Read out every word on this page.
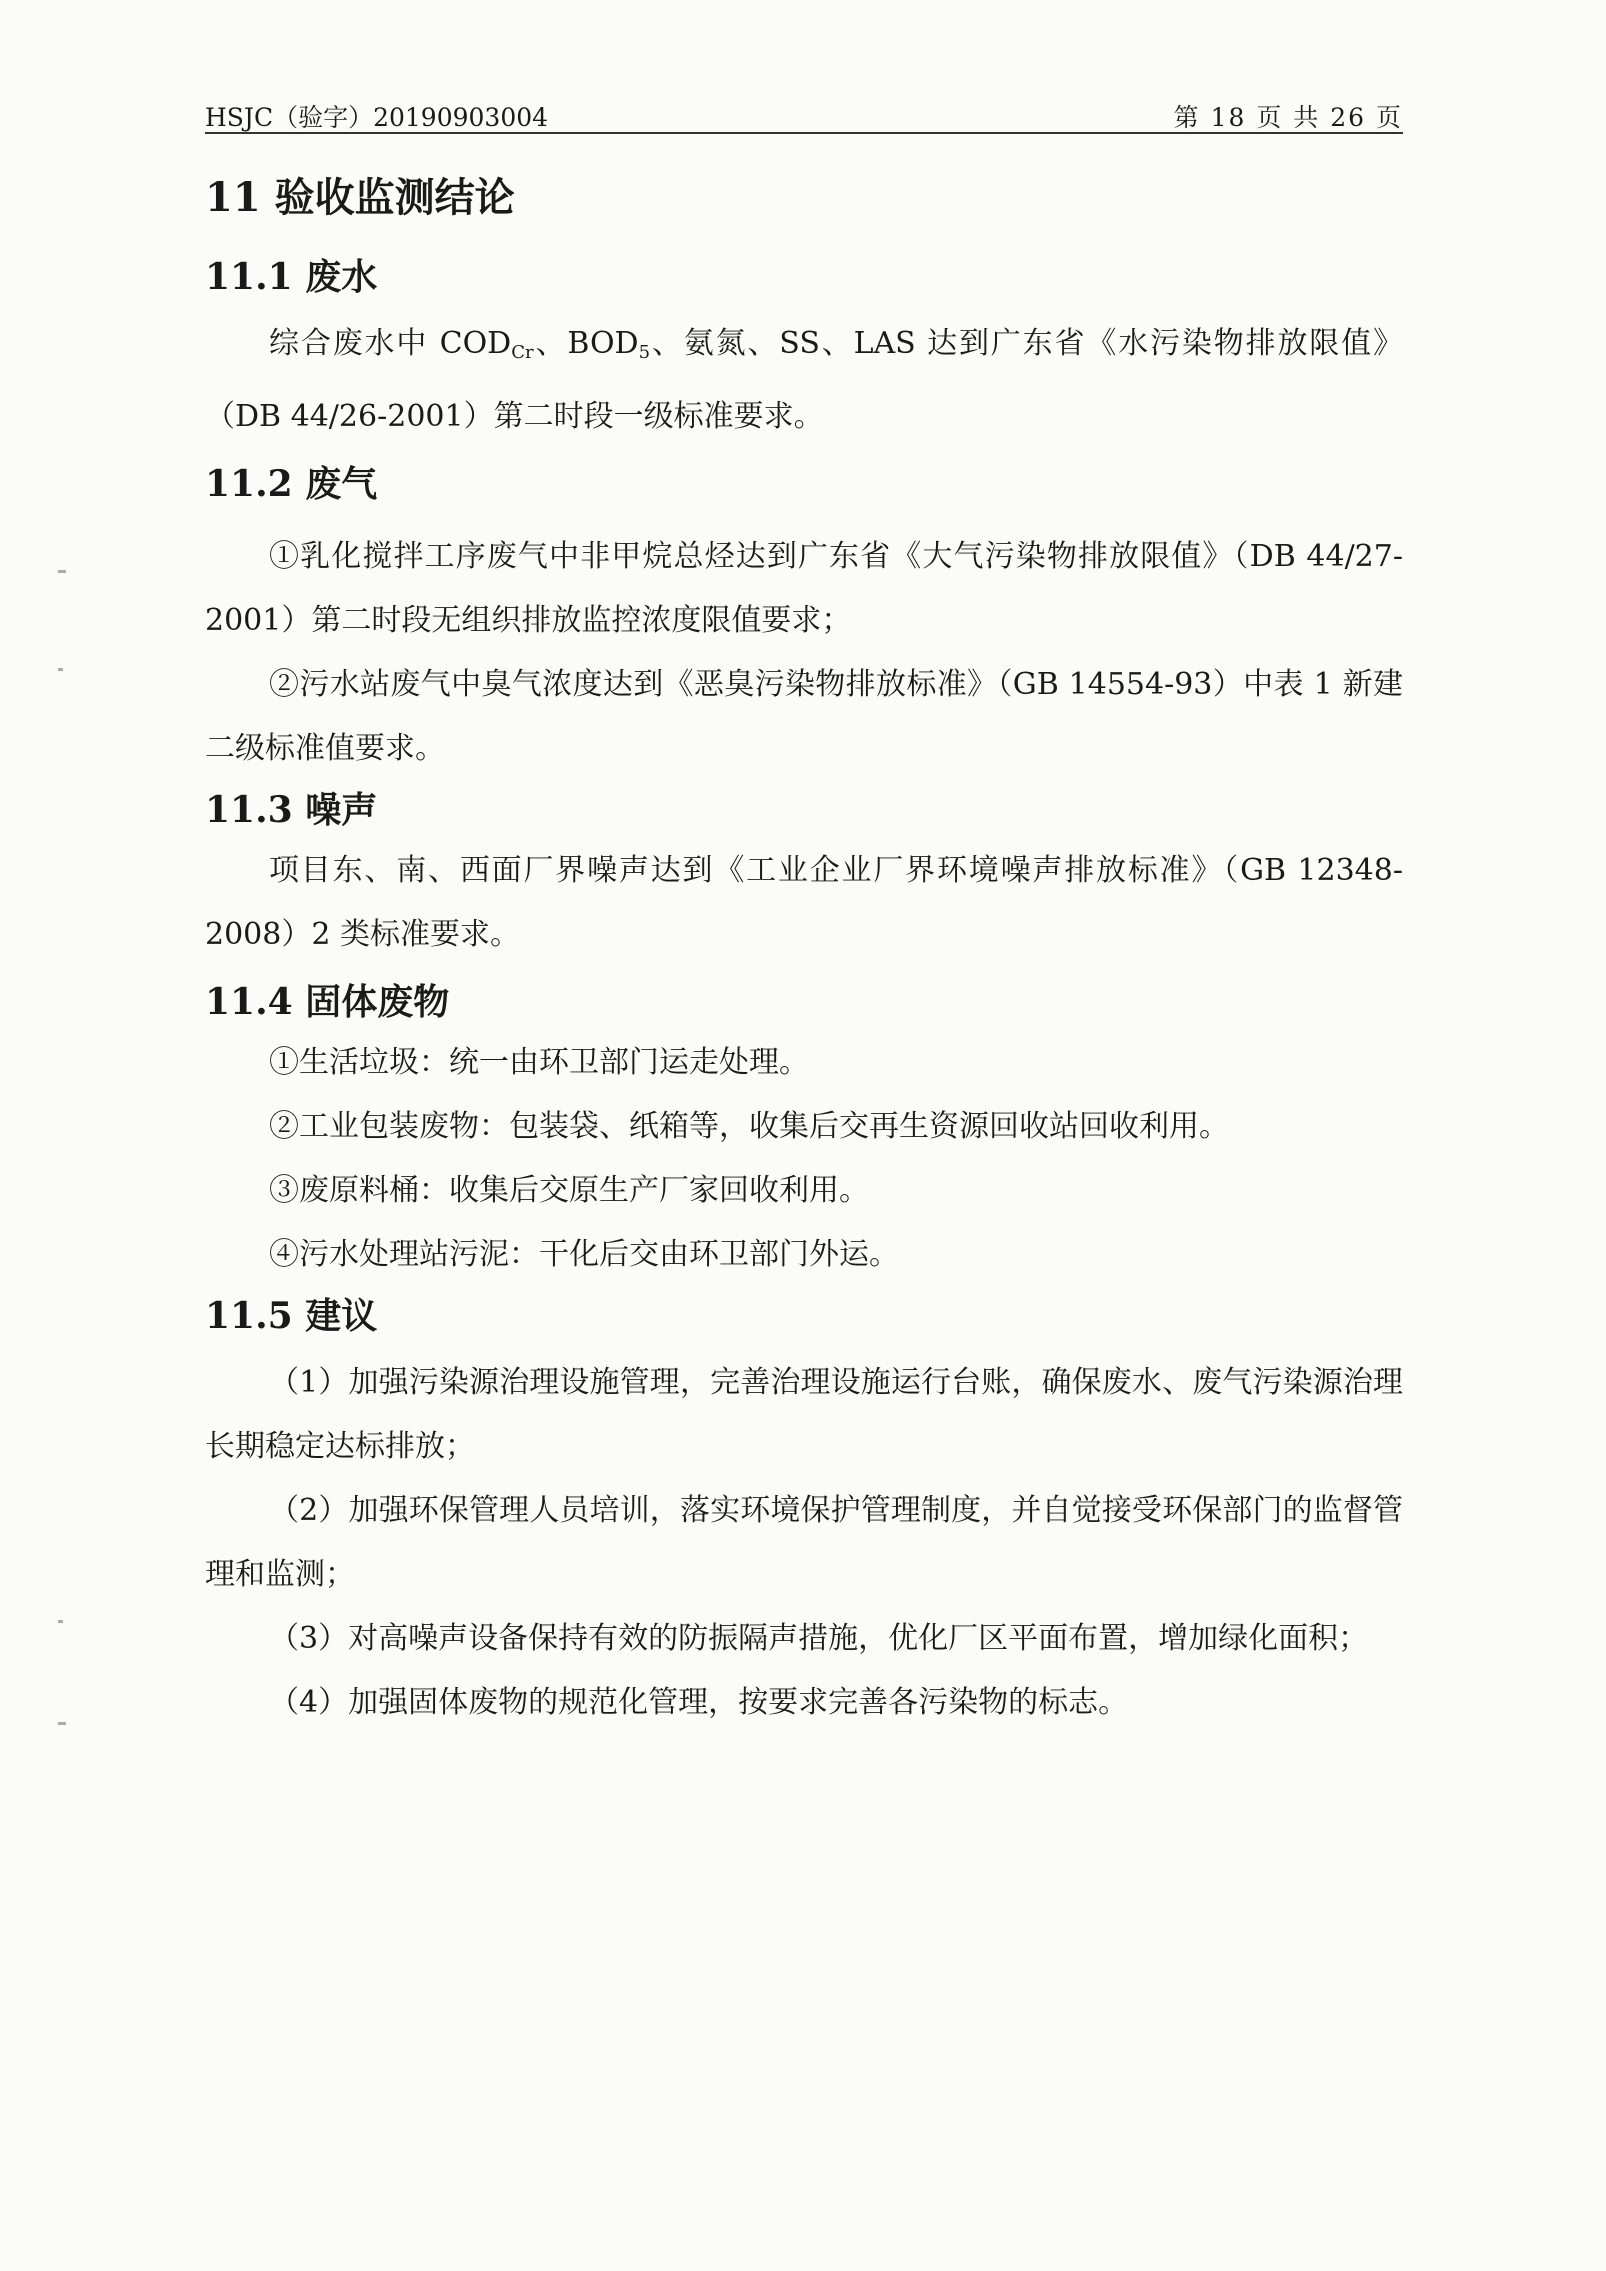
HSJC（验字）20190903004	第 18 页 共 26 页
11 验收监测结论
11.1 废水

综合废水中 $COD_{Cr}$、$BOD_5$、氨氮、SS、LAS 达到广东省《水污染物排放限值》（DB 44/26-2001）第二时段一级标准要求。

11.2 废气

①乳化搅拌工序废气中非甲烷总烃达到广东省《大气污染物排放限值》（DB 44/27-2001）第二时段无组织排放监控浓度限值要求；

②污水站废气中臭气浓度达到《恶臭污染物排放标准》（GB 14554-93）中表 1 新建二级标准值要求。

11.3 噪声

项目东、南、西面厂界噪声达到《工业企业厂界环境噪声排放标准》（GB 12348-2008）2 类标准要求。

11.4 固体废物

①生活垃圾：统一由环卫部门运走处理。

②工业包装废物：包装袋、纸箱等，收集后交再生资源回收站回收利用。

③废原料桶：收集后交原生产厂家回收利用。

④污水处理站污泥：干化后交由环卫部门外运。

11.5 建议

（1）加强污染源治理设施管理，完善治理设施运行台账，确保废水、废气污染源治理长期稳定达标排放；

（2）加强环保管理人员培训，落实环境保护管理制度，并自觉接受环保部门的监督管理和监测；

（3）对高噪声设备保持有效的防振隔声措施，优化厂区平面布置，增加绿化面积；

（4）加强固体废物的规范化管理，按要求完善各污染物的标志。
